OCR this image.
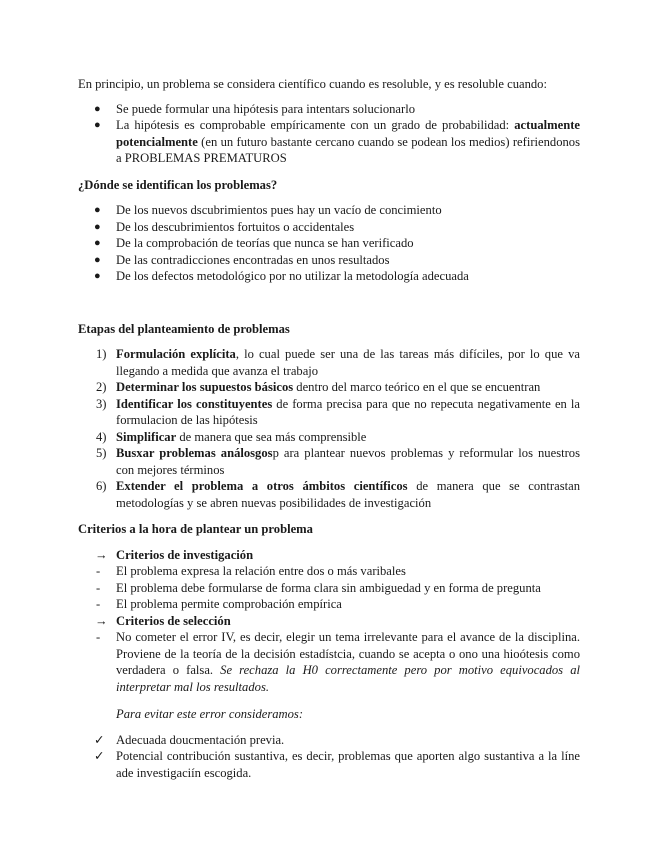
En principio, un problema se considera científico cuando es resoluble, y es resoluble cuando:

●	Se puede formular una hipótesis para intentars solucionarlo
●	La hipótesis es comprobable empíricamente con un grado de probabilidad: actualmente potencialmente (en un futuro bastante cercano cuando se podean los medios) refiriendonos a PROBLEMAS PREMATUROS

¿Dónde se identifican los problemas?

●	De los nuevos dscubrimientos pues hay un vacío de concimiento
●	De los descubrimientos fortuitos o accidentales
●	De la comprobación de teorías que nunca se han verificado
●	De las contradicciones encontradas en unos resultados
●	De los defectos metodológico por no utilizar la metodología adecuada

Etapas del planteamiento de problemas

1) Formulación explícita, lo cual puede ser una de las tareas más difíciles, por lo que va llegando a medida que avanza el trabajo
2) Determinar los supuestos básicos dentro del marco teórico en el que se encuentran
3) Identificar los constituyentes de forma precisa para que no repecuta negativamente en la formulacion de las hipótesis
4) Simplificar de manera que sea más comprensible
5) Busxar problemas análosgosp ara plantear nuevos problemas y reformular los nuestros con mejores términos
6) Extender el problema a otros ámbitos científicos de manera que se contrastan metodologías y se abren nuevas posibilidades de investigación

Criterios a la hora de plantear un problema

→ Criterios de investigación
-	El problema expresa la relación entre dos o más varibales
-	El problema debe formularse de forma clara sin ambiguedad y en forma de pregunta
-	El problema permite comprobación empírica
→ Criterios de selección
-	No cometer el error IV, es decir, elegir un tema irrelevante para el avance de la disciplina. Proviene de la teoría de la decisión estadístcia, cuando se acepta o ono una hioótesis como verdadera o falsa. Se rechaza la H0 correctamente pero por motivo equivocados al interpretar mal los resultados.

Para evitar este error consideramos:

✓ Adecuada doucmentación previa.
✓ Potencial contribución sustantiva, es decir, problemas que aporten algo sustantiva a la líne ade investigaciín escogida.
